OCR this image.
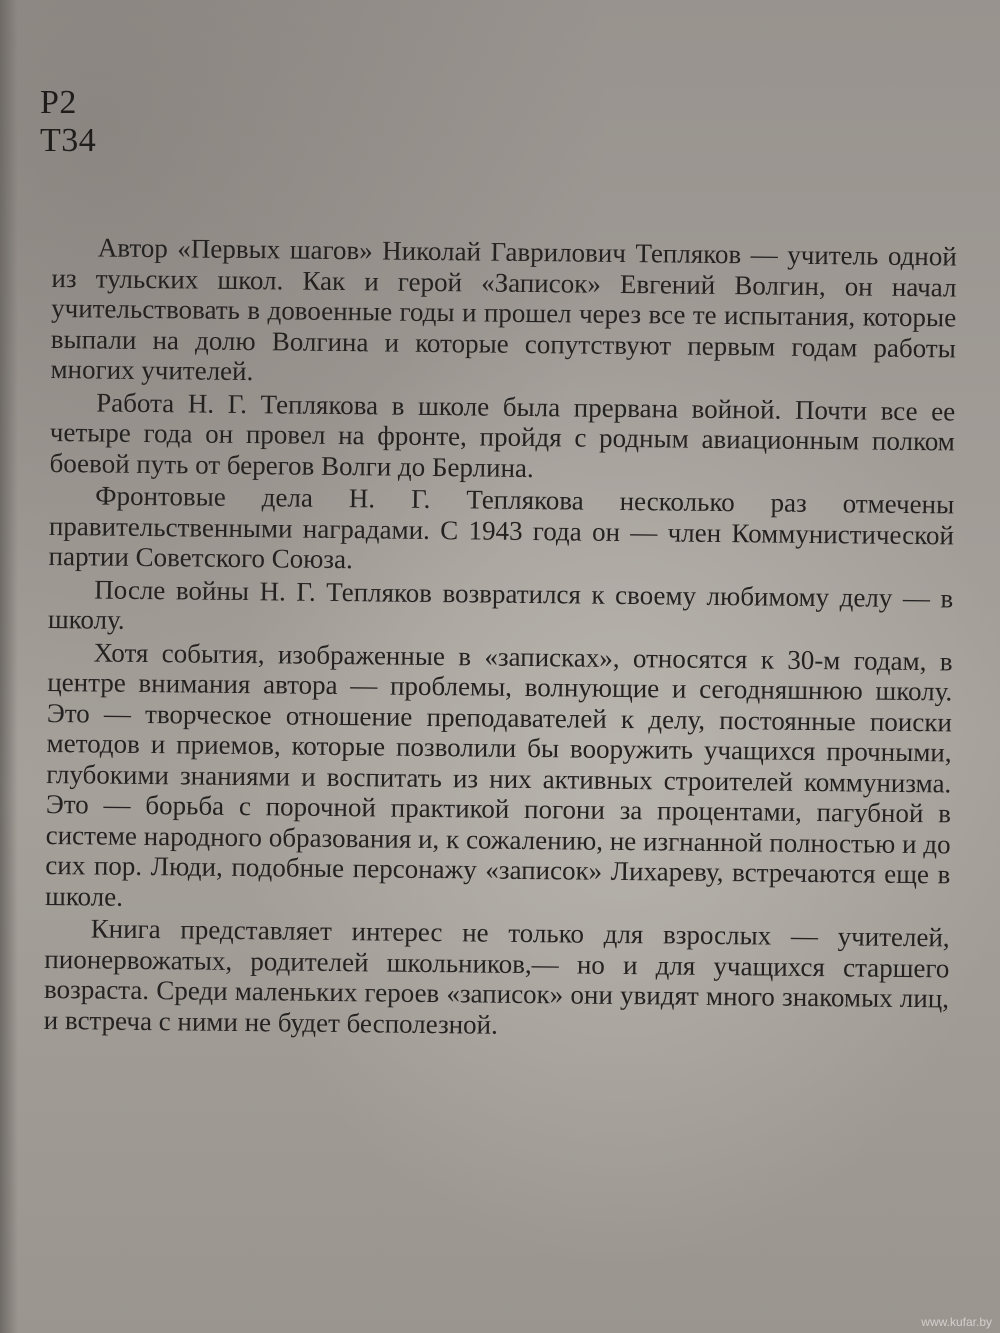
Р2
Т34

Автор «Первых шагов» Николай Гаврилович Тепляков — учитель одной из тульских школ. Как и герой «Записок» Евгений Волгин, он начал учительствовать в довоенные годы и прошел через все те испытания, которые выпали на долю Волгина и которые сопутствуют первым годам работы многих учителей.

Работа Н. Г. Теплякова в школе была прервана войной. Почти все ее четыре года он провел на фронте, пройдя с родным авиационным полком боевой путь от берегов Волги до Берлина.

Фронтовые дела Н. Г. Теплякова несколько раз отмечены правительственными наградами. С 1943 года он — член Коммунистической партии Советского Союза.

После войны Н. Г. Тепляков возвратился к своему любимому делу — в школу.

Хотя события, изображенные в «записках», относятся к 30-м годам, в центре внимания автора — проблемы, волнующие и сегодняшнюю школу. Это — творческое отношение преподавателей к делу, постоянные поиски методов и приемов, которые позволили бы вооружить учащихся прочными, глубокими знаниями и воспитать из них активных строителей коммунизма. Это — борьба с порочной практикой погони за процентами, пагубной в системе народного образования и, к сожалению, не изгнанной полностью и до сих пор. Люди, подобные персонажу «записок» Лихареву, встречаются еще в школе.

Книга представляет интерес не только для взрослых — учителей, пионервожатых, родителей школьников,— но и для учащихся старшего возраста. Среди маленьких героев «записок» они увидят много знакомых лиц, и встреча с ними не будет бесполезной.

www.kufar.by
